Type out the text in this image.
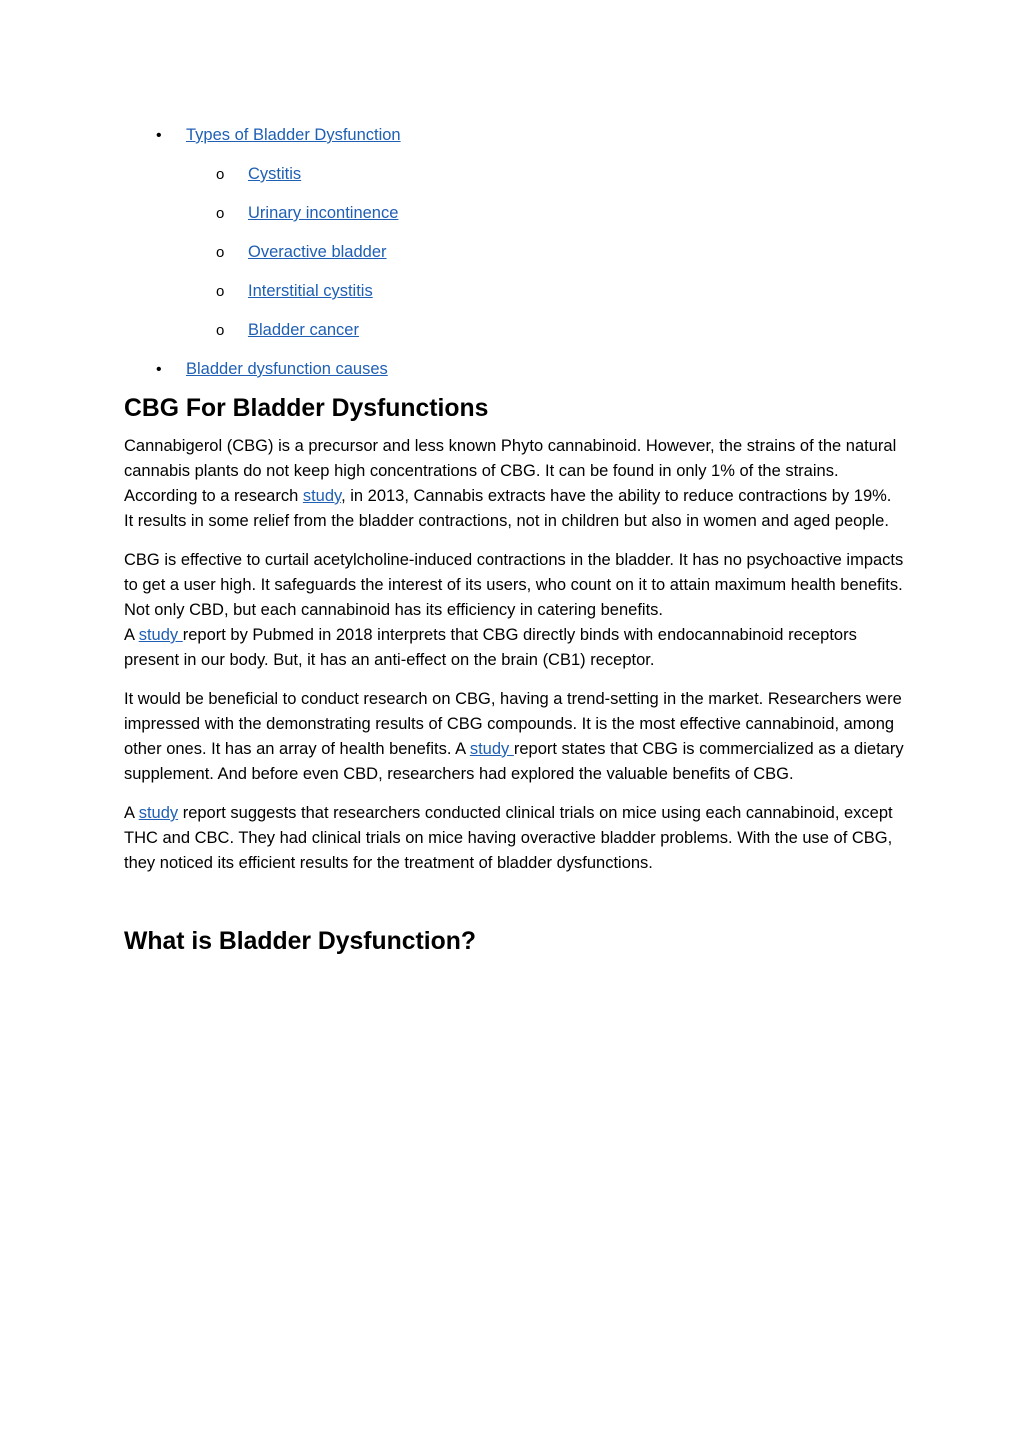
• Types of Bladder Dysfunction
o Cystitis
o Urinary incontinence
o Overactive bladder
o Interstitial cystitis
o Bladder cancer
• Bladder dysfunction causes
CBG For Bladder Dysfunctions

Cannabigerol (CBG) is a precursor and less known Phyto cannabinoid. However, the strains of the natural cannabis plants do not keep high concentrations of CBG. It can be found in only 1% of the strains. According to a research study, in 2013, Cannabis extracts have the ability to reduce contractions by 19%. It results in some relief from the bladder contractions, not in children but also in women and aged people.

CBG is effective to curtail acetylcholine-induced contractions in the bladder. It has no psychoactive impacts to get a user high. It safeguards the interest of its users, who count on it to attain maximum health benefits. Not only CBD, but each cannabinoid has its efficiency in catering benefits.
A study report by Pubmed in 2018 interprets that CBG directly binds with endocannabinoid receptors present in our body. But, it has an anti-effect on the brain (CB1) receptor.

It would be beneficial to conduct research on CBG, having a trend-setting in the market. Researchers were impressed with the demonstrating results of CBG compounds. It is the most effective cannabinoid, among other ones. It has an array of health benefits. A study report states that CBG is commercialized as a dietary supplement. And before even CBD, researchers had explored the valuable benefits of CBG.

A study report suggests that researchers conducted clinical trials on mice using each cannabinoid, except THC and CBC. They had clinical trials on mice having overactive bladder problems. With the use of CBG, they noticed its efficient results for the treatment of bladder dysfunctions.

What is Bladder Dysfunction?
